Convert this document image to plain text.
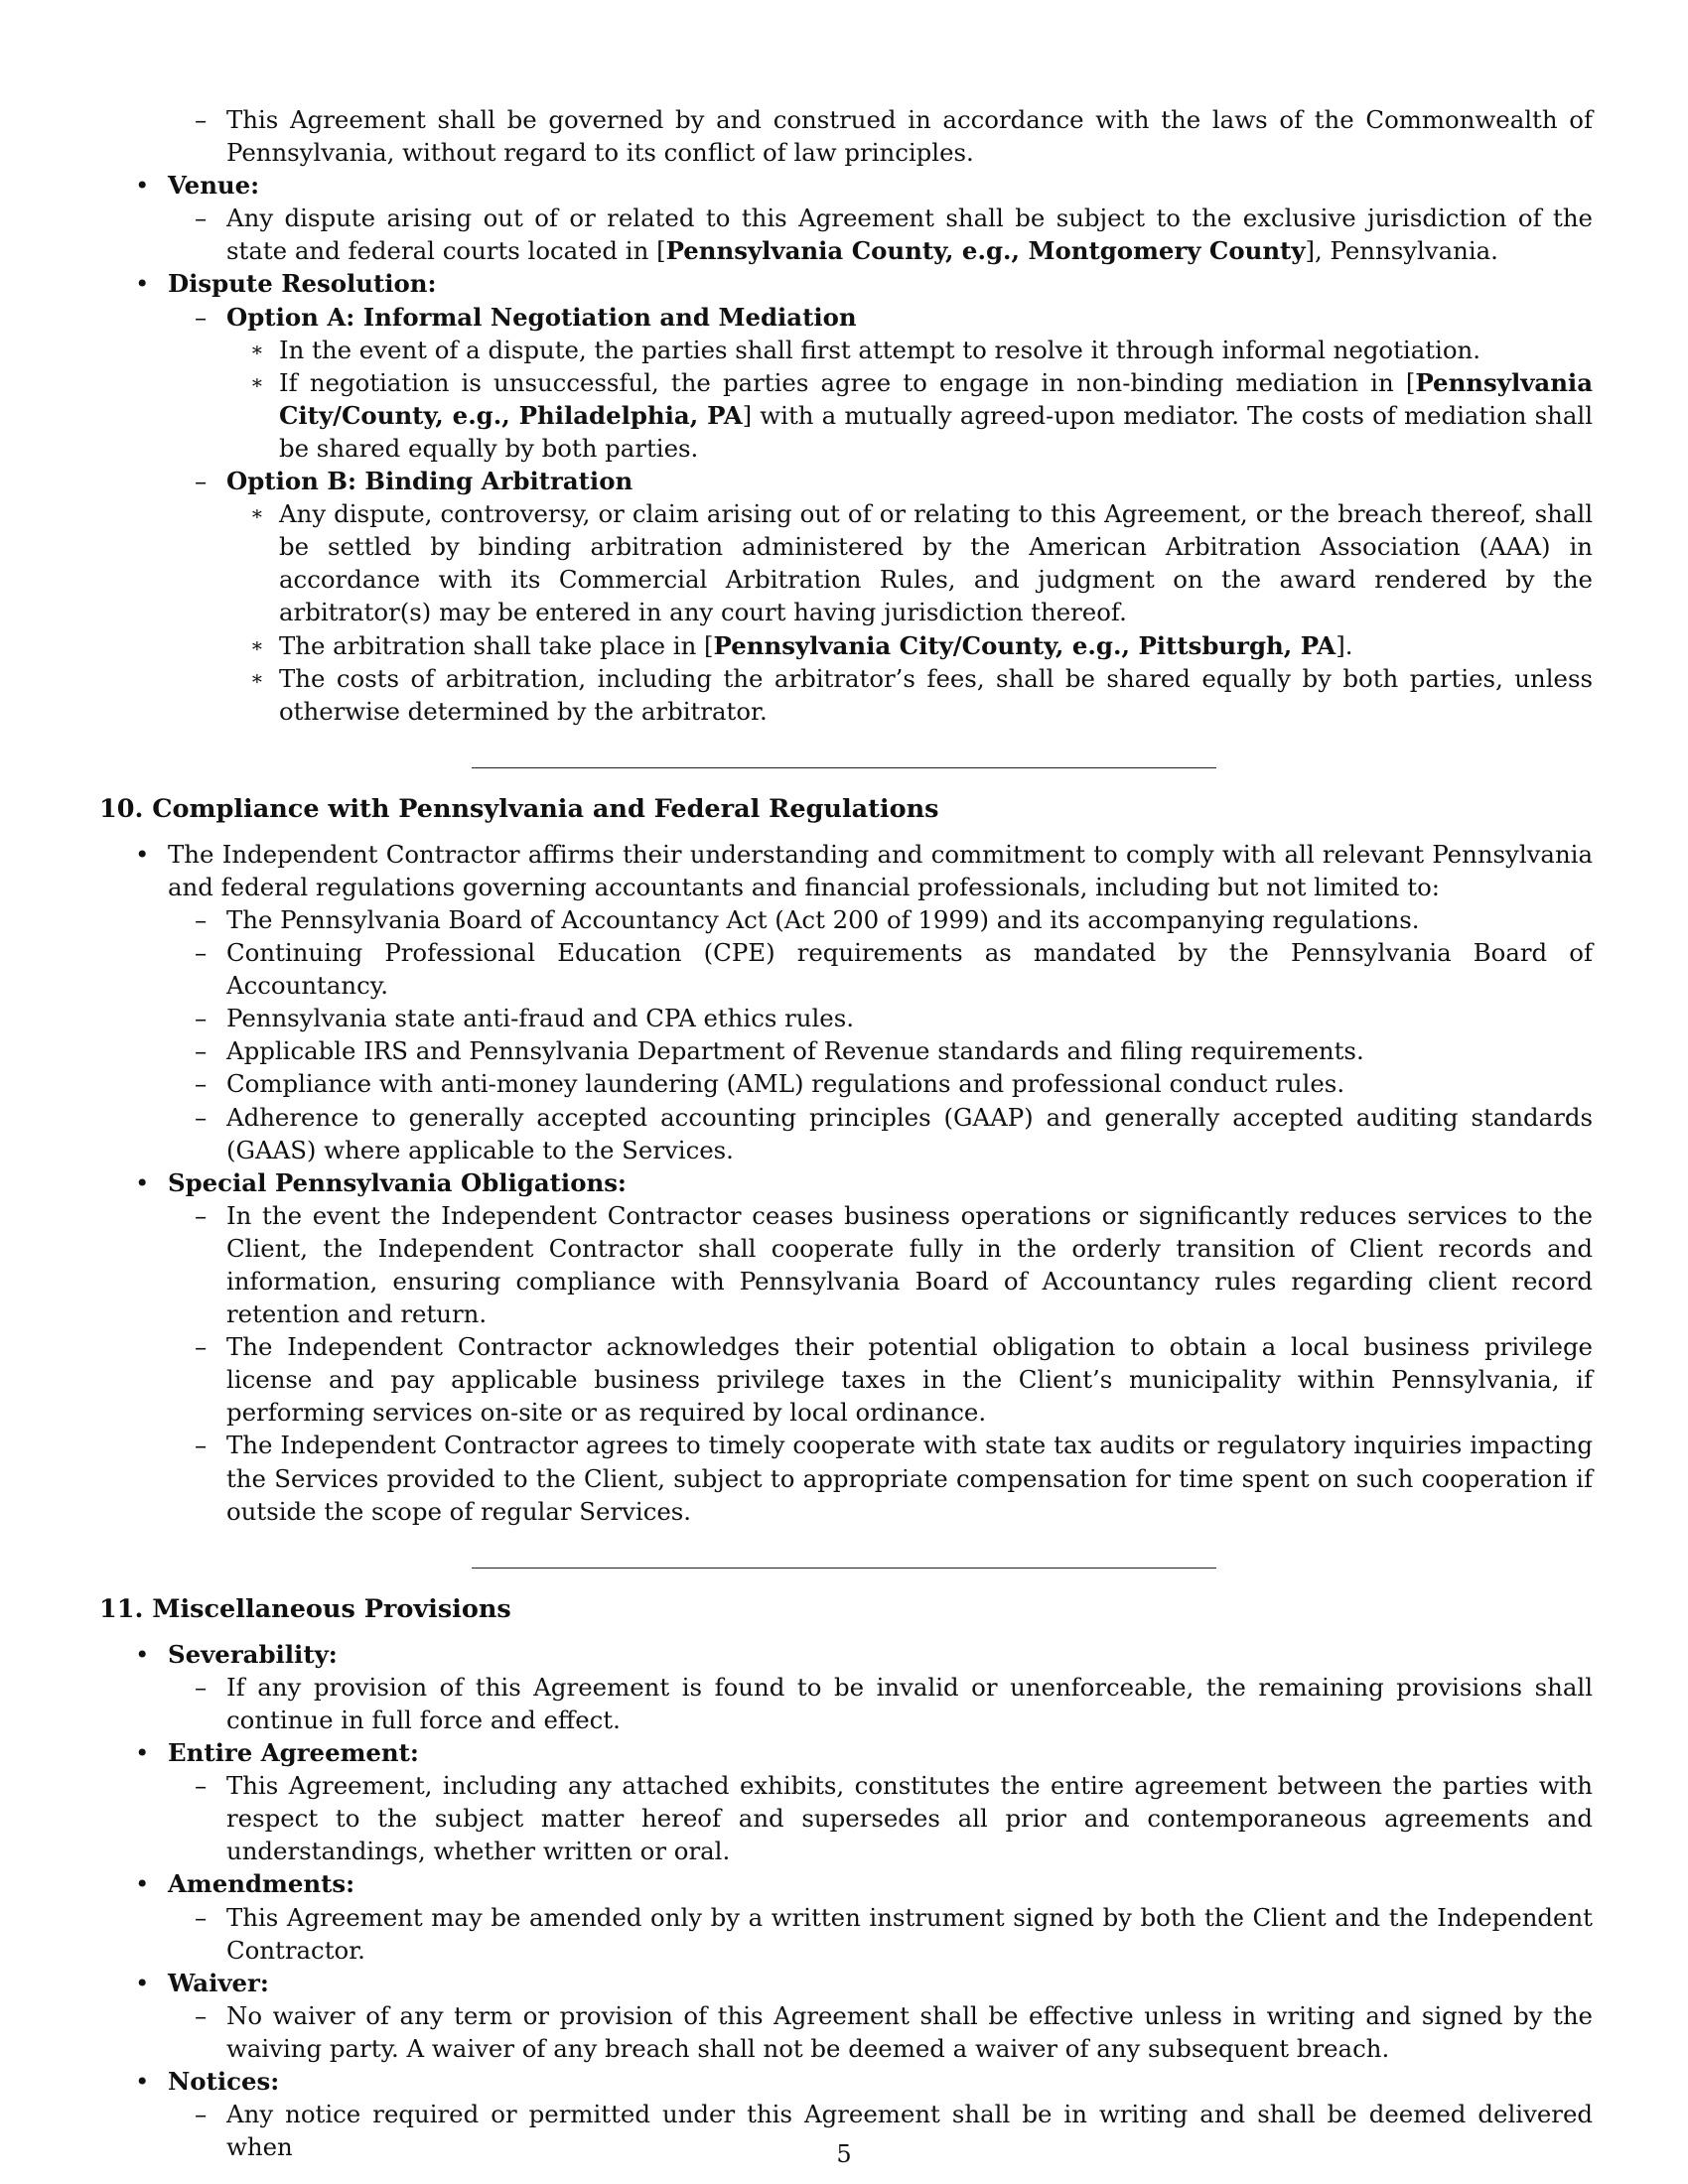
– This Agreement shall be governed by and construed in accordance with the laws of the Commonwealth of Pennsylvania, without regard to its conflict of law principles.
• Venue:
– Any dispute arising out of or related to this Agreement shall be subject to the exclusive jurisdiction of the state and federal courts located in [Pennsylvania County, e.g., Montgomery County], Pennsylvania.
• Dispute Resolution:
– Option A: Informal Negotiation and Mediation
∗ In the event of a dispute, the parties shall first attempt to resolve it through informal negotiation.
∗ If negotiation is unsuccessful, the parties agree to engage in non-binding mediation in [Pennsylvania City/County, e.g., Philadelphia, PA] with a mutually agreed-upon mediator. The costs of mediation shall be shared equally by both parties.
– Option B: Binding Arbitration
∗ Any dispute, controversy, or claim arising out of or relating to this Agreement, or the breach thereof, shall be settled by binding arbitration administered by the American Arbitration Association (AAA) in accordance with its Commercial Arbitration Rules, and judgment on the award rendered by the arbitrator(s) may be entered in any court having jurisdiction thereof.
∗ The arbitration shall take place in [Pennsylvania City/County, e.g., Pittsburgh, PA].
∗ The costs of arbitration, including the arbitrator’s fees, shall be shared equally by both parties, unless otherwise determined by the arbitrator.
10. Compliance with Pennsylvania and Federal Regulations
• The Independent Contractor affirms their understanding and commitment to comply with all relevant Pennsylvania and federal regulations governing accountants and financial professionals, including but not limited to:
– The Pennsylvania Board of Accountancy Act (Act 200 of 1999) and its accompanying regulations.
– Continuing Professional Education (CPE) requirements as mandated by the Pennsylvania Board of Accountancy.
– Pennsylvania state anti-fraud and CPA ethics rules.
– Applicable IRS and Pennsylvania Department of Revenue standards and filing requirements.
– Compliance with anti-money laundering (AML) regulations and professional conduct rules.
– Adherence to generally accepted accounting principles (GAAP) and generally accepted auditing standards (GAAS) where applicable to the Services.
• Special Pennsylvania Obligations:
– In the event the Independent Contractor ceases business operations or significantly reduces services to the Client, the Independent Contractor shall cooperate fully in the orderly transition of Client records and information, ensuring compliance with Pennsylvania Board of Accountancy rules regarding client record retention and return.
– The Independent Contractor acknowledges their potential obligation to obtain a local business privilege license and pay applicable business privilege taxes in the Client’s municipality within Pennsylvania, if performing services on-site or as required by local ordinance.
– The Independent Contractor agrees to timely cooperate with state tax audits or regulatory inquiries impacting the Services provided to the Client, subject to appropriate compensation for time spent on such cooperation if outside the scope of regular Services.
11. Miscellaneous Provisions
• Severability:
– If any provision of this Agreement is found to be invalid or unenforceable, the remaining provisions shall continue in full force and effect.
• Entire Agreement:
– This Agreement, including any attached exhibits, constitutes the entire agreement between the parties with respect to the subject matter hereof and supersedes all prior and contemporaneous agreements and understandings, whether written or oral.
• Amendments:
– This Agreement may be amended only by a written instrument signed by both the Client and the Independent Contractor.
• Waiver:
– No waiver of any term or provision of this Agreement shall be effective unless in writing and signed by the waiving party. A waiver of any breach shall not be deemed a waiver of any subsequent breach.
• Notices:
– Any notice required or permitted under this Agreement shall be in writing and shall be deemed delivered when	5
